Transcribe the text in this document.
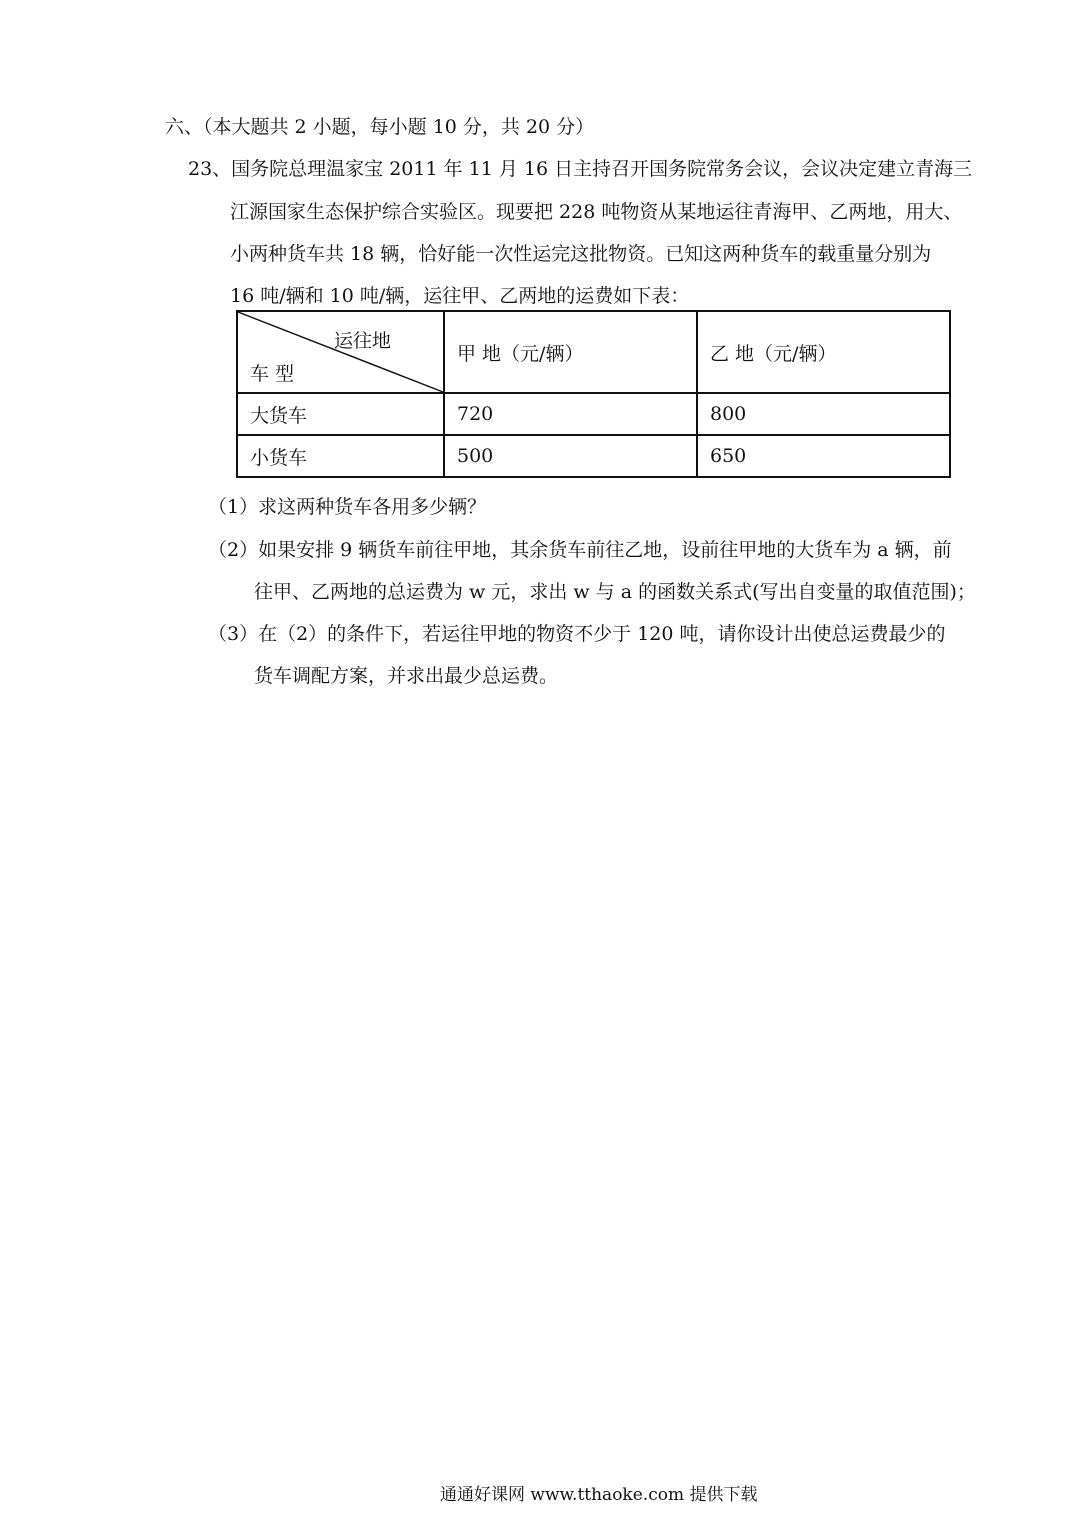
六、（本大题共 2 小题，每小题 10 分，共 20 分）
23、国务院总理温家宝 2011 年 11 月 16 日主持召开国务院常务会议，会议决定建立青海三
江源国家生态保护综合实验区。现要把 228 吨物资从某地运往青海甲、乙两地，用大、
小两种货车共 18 辆，恰好能一次性运完这批物资。已知这两种货车的载重量分别为
16 吨/辆和 10 吨/辆，运往甲、乙两地的运费如下表：
运往地
车 型	甲 地（元/辆）	乙 地（元/辆）
大货车	720	800
小货车	500	650
（1）求这两种货车各用多少辆？
（2）如果安排 9 辆货车前往甲地，其余货车前往乙地，设前往甲地的大货车为 a 辆，前
往甲、乙两地的总运费为 w 元，求出 w 与 a 的函数关系式(写出自变量的取值范围)；
（3）在（2）的条件下，若运往甲地的物资不少于 120 吨，请你设计出使总运费最少的
货车调配方案，并求出最少总运费。
通通好课网 www.tthaoke.com 提供下载
